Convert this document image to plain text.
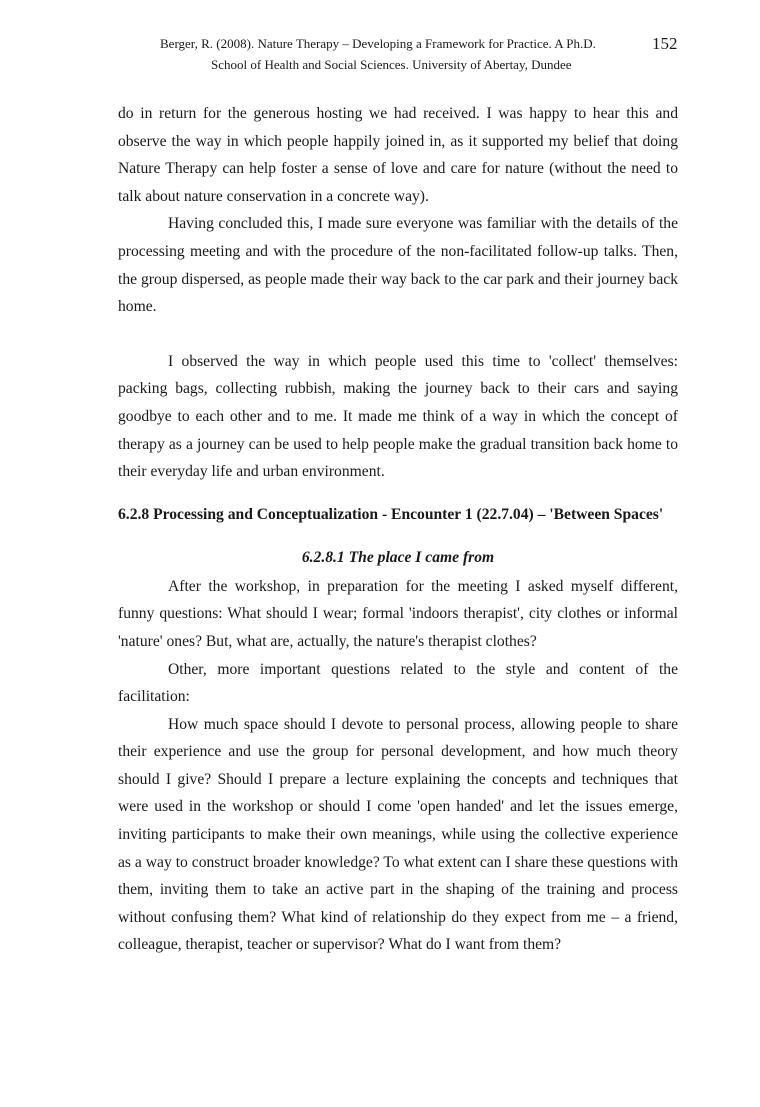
Berger, R. (2008). Nature Therapy – Developing a Framework for Practice. A Ph.D.	152
School of Health and Social Sciences. University of Abertay, Dundee

do in return for the generous hosting we had received. I was happy to hear this and observe the way in which people happily joined in, as it supported my belief that doing Nature Therapy can help foster a sense of love and care for nature (without the need to talk about nature conservation in a concrete way).

Having concluded this, I made sure everyone was familiar with the details of the processing meeting and with the procedure of the non-facilitated follow-up talks. Then, the group dispersed, as people made their way back to the car park and their journey back home.

I observed the way in which people used this time to 'collect' themselves: packing bags, collecting rubbish, making the journey back to their cars and saying goodbye to each other and to me. It made me think of a way in which the concept of therapy as a journey can be used to help people make the gradual transition back home to their everyday life and urban environment.

6.2.8 Processing and Conceptualization - Encounter 1 (22.7.04) – 'Between Spaces'
6.2.8.1 The place I came from

After the workshop, in preparation for the meeting I asked myself different, funny questions: What should I wear; formal 'indoors therapist', city clothes or informal 'nature' ones? But, what are, actually, the nature's therapist clothes?

Other, more important questions related to the style and content of the facilitation:

How much space should I devote to personal process, allowing people to share their experience and use the group for personal development, and how much theory should I give? Should I prepare a lecture explaining the concepts and techniques that were used in the workshop or should I come 'open handed' and let the issues emerge, inviting participants to make their own meanings, while using the collective experience as a way to construct broader knowledge? To what extent can I share these questions with them, inviting them to take an active part in the shaping of the training and process without confusing them? What kind of relationship do they expect from me – a friend, colleague, therapist, teacher or supervisor? What do I want from them?
